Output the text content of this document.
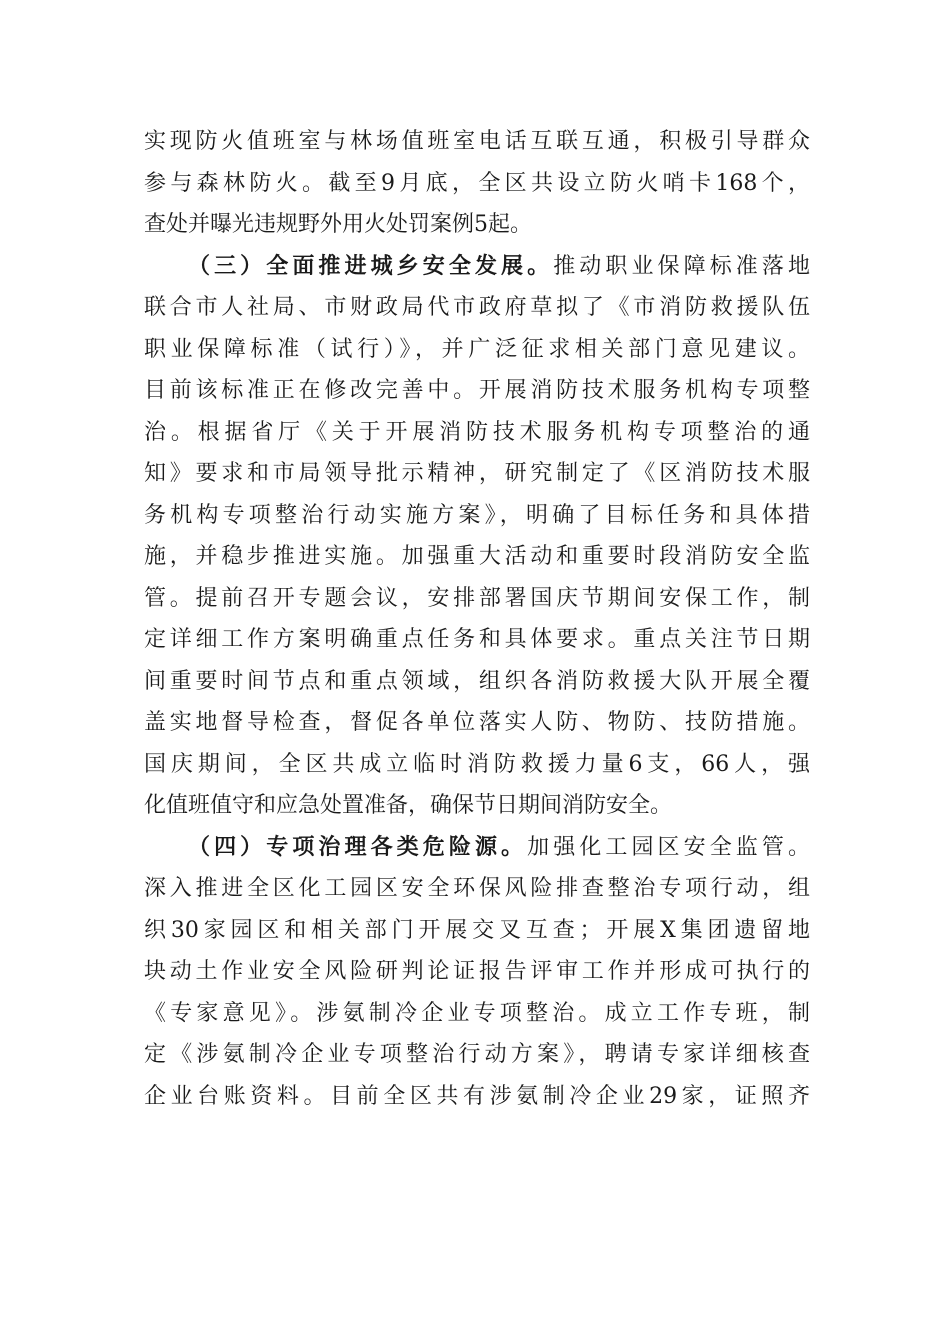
实现防火值班室与林场值班室电话互联互通，积极引导群众
参与森林防火。截至9月底，全区共设立防火哨卡168个，
查处并曝光违规野外用火处罚案例5起。
（三）全面推进城乡安全发展。推动职业保障标准落地
联合市人社局、市财政局代市政府草拟了《市消防救援队伍
职业保障标准（试行）》，并广泛征求相关部门意见建议。
目前该标准正在修改完善中。开展消防技术服务机构专项整
治。根据省厅《关于开展消防技术服务机构专项整治的通
知》要求和市局领导批示精神，研究制定了《区消防技术服
务机构专项整治行动实施方案》，明确了目标任务和具体措
施，并稳步推进实施。加强重大活动和重要时段消防安全监
管。提前召开专题会议，安排部署国庆节期间安保工作，制
定详细工作方案明确重点任务和具体要求。重点关注节日期
间重要时间节点和重点领域，组织各消防救援大队开展全覆
盖实地督导检查，督促各单位落实人防、物防、技防措施。
国庆期间，全区共成立临时消防救援力量6支，66人，强
化值班值守和应急处置准备，确保节日期间消防安全。
（四）专项治理各类危险源。加强化工园区安全监管。
深入推进全区化工园区安全环保风险排查整治专项行动，组
织30家园区和相关部门开展交叉互查；开展X集团遗留地
块动土作业安全风险研判论证报告评审工作并形成可执行的
《专家意见》。涉氨制冷企业专项整治。成立工作专班，制
定《涉氨制冷企业专项整治行动方案》，聘请专家详细核查
企业台账资料。目前全区共有涉氨制冷企业29家，证照齐
